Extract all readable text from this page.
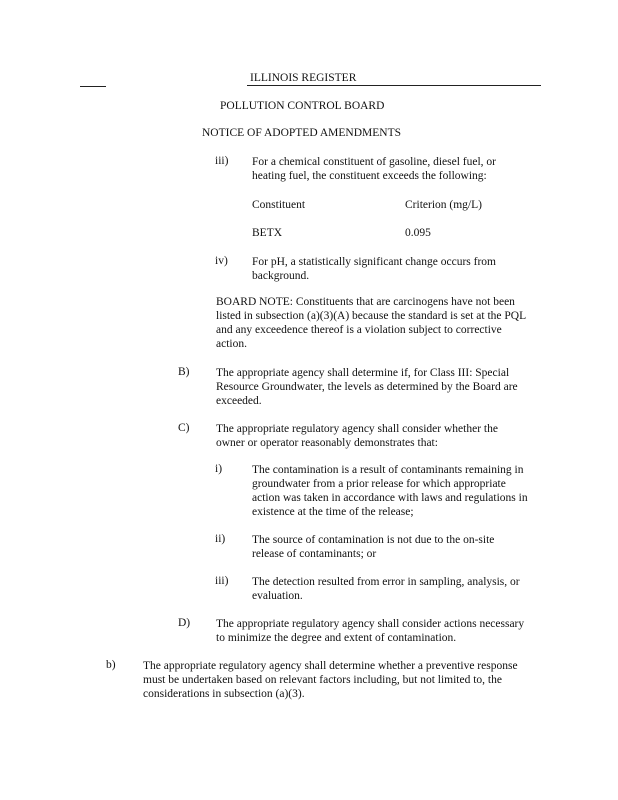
ILLINOIS REGISTER
POLLUTION CONTROL BOARD
NOTICE OF ADOPTED AMENDMENTS
iii) For a chemical constituent of gasoline, diesel fuel, or
heating fuel, the constituent exceeds the following:
Constituent	Criterion (mg/L)
BETX	0.095
iv) For pH, a statistically significant change occurs from
background.
BOARD NOTE: Constituents that are carcinogens have not been
listed in subsection (a)(3)(A) because the standard is set at the PQL
and any exceedence thereof is a violation subject to corrective
action.
B) The appropriate agency shall determine if, for Class III: Special
Resource Groundwater, the levels as determined by the Board are
exceeded.
C) The appropriate regulatory agency shall consider whether the
owner or operator reasonably demonstrates that:
i)	The contamination is a result of contaminants remaining in
groundwater from a prior release for which appropriate
action was taken in accordance with laws and regulations in
existence at the time of the release;
ii) The source of contamination is not due to the on-site
release of contaminants; or
iii) The detection resulted from error in sampling, analysis, or
evaluation.
D) The appropriate regulatory agency shall consider actions necessary
to minimize the degree and extent of contamination.
b) The appropriate regulatory agency shall determine whether a preventive response
must be undertaken based on relevant factors including, but not limited to, the
considerations in subsection (a)(3).
